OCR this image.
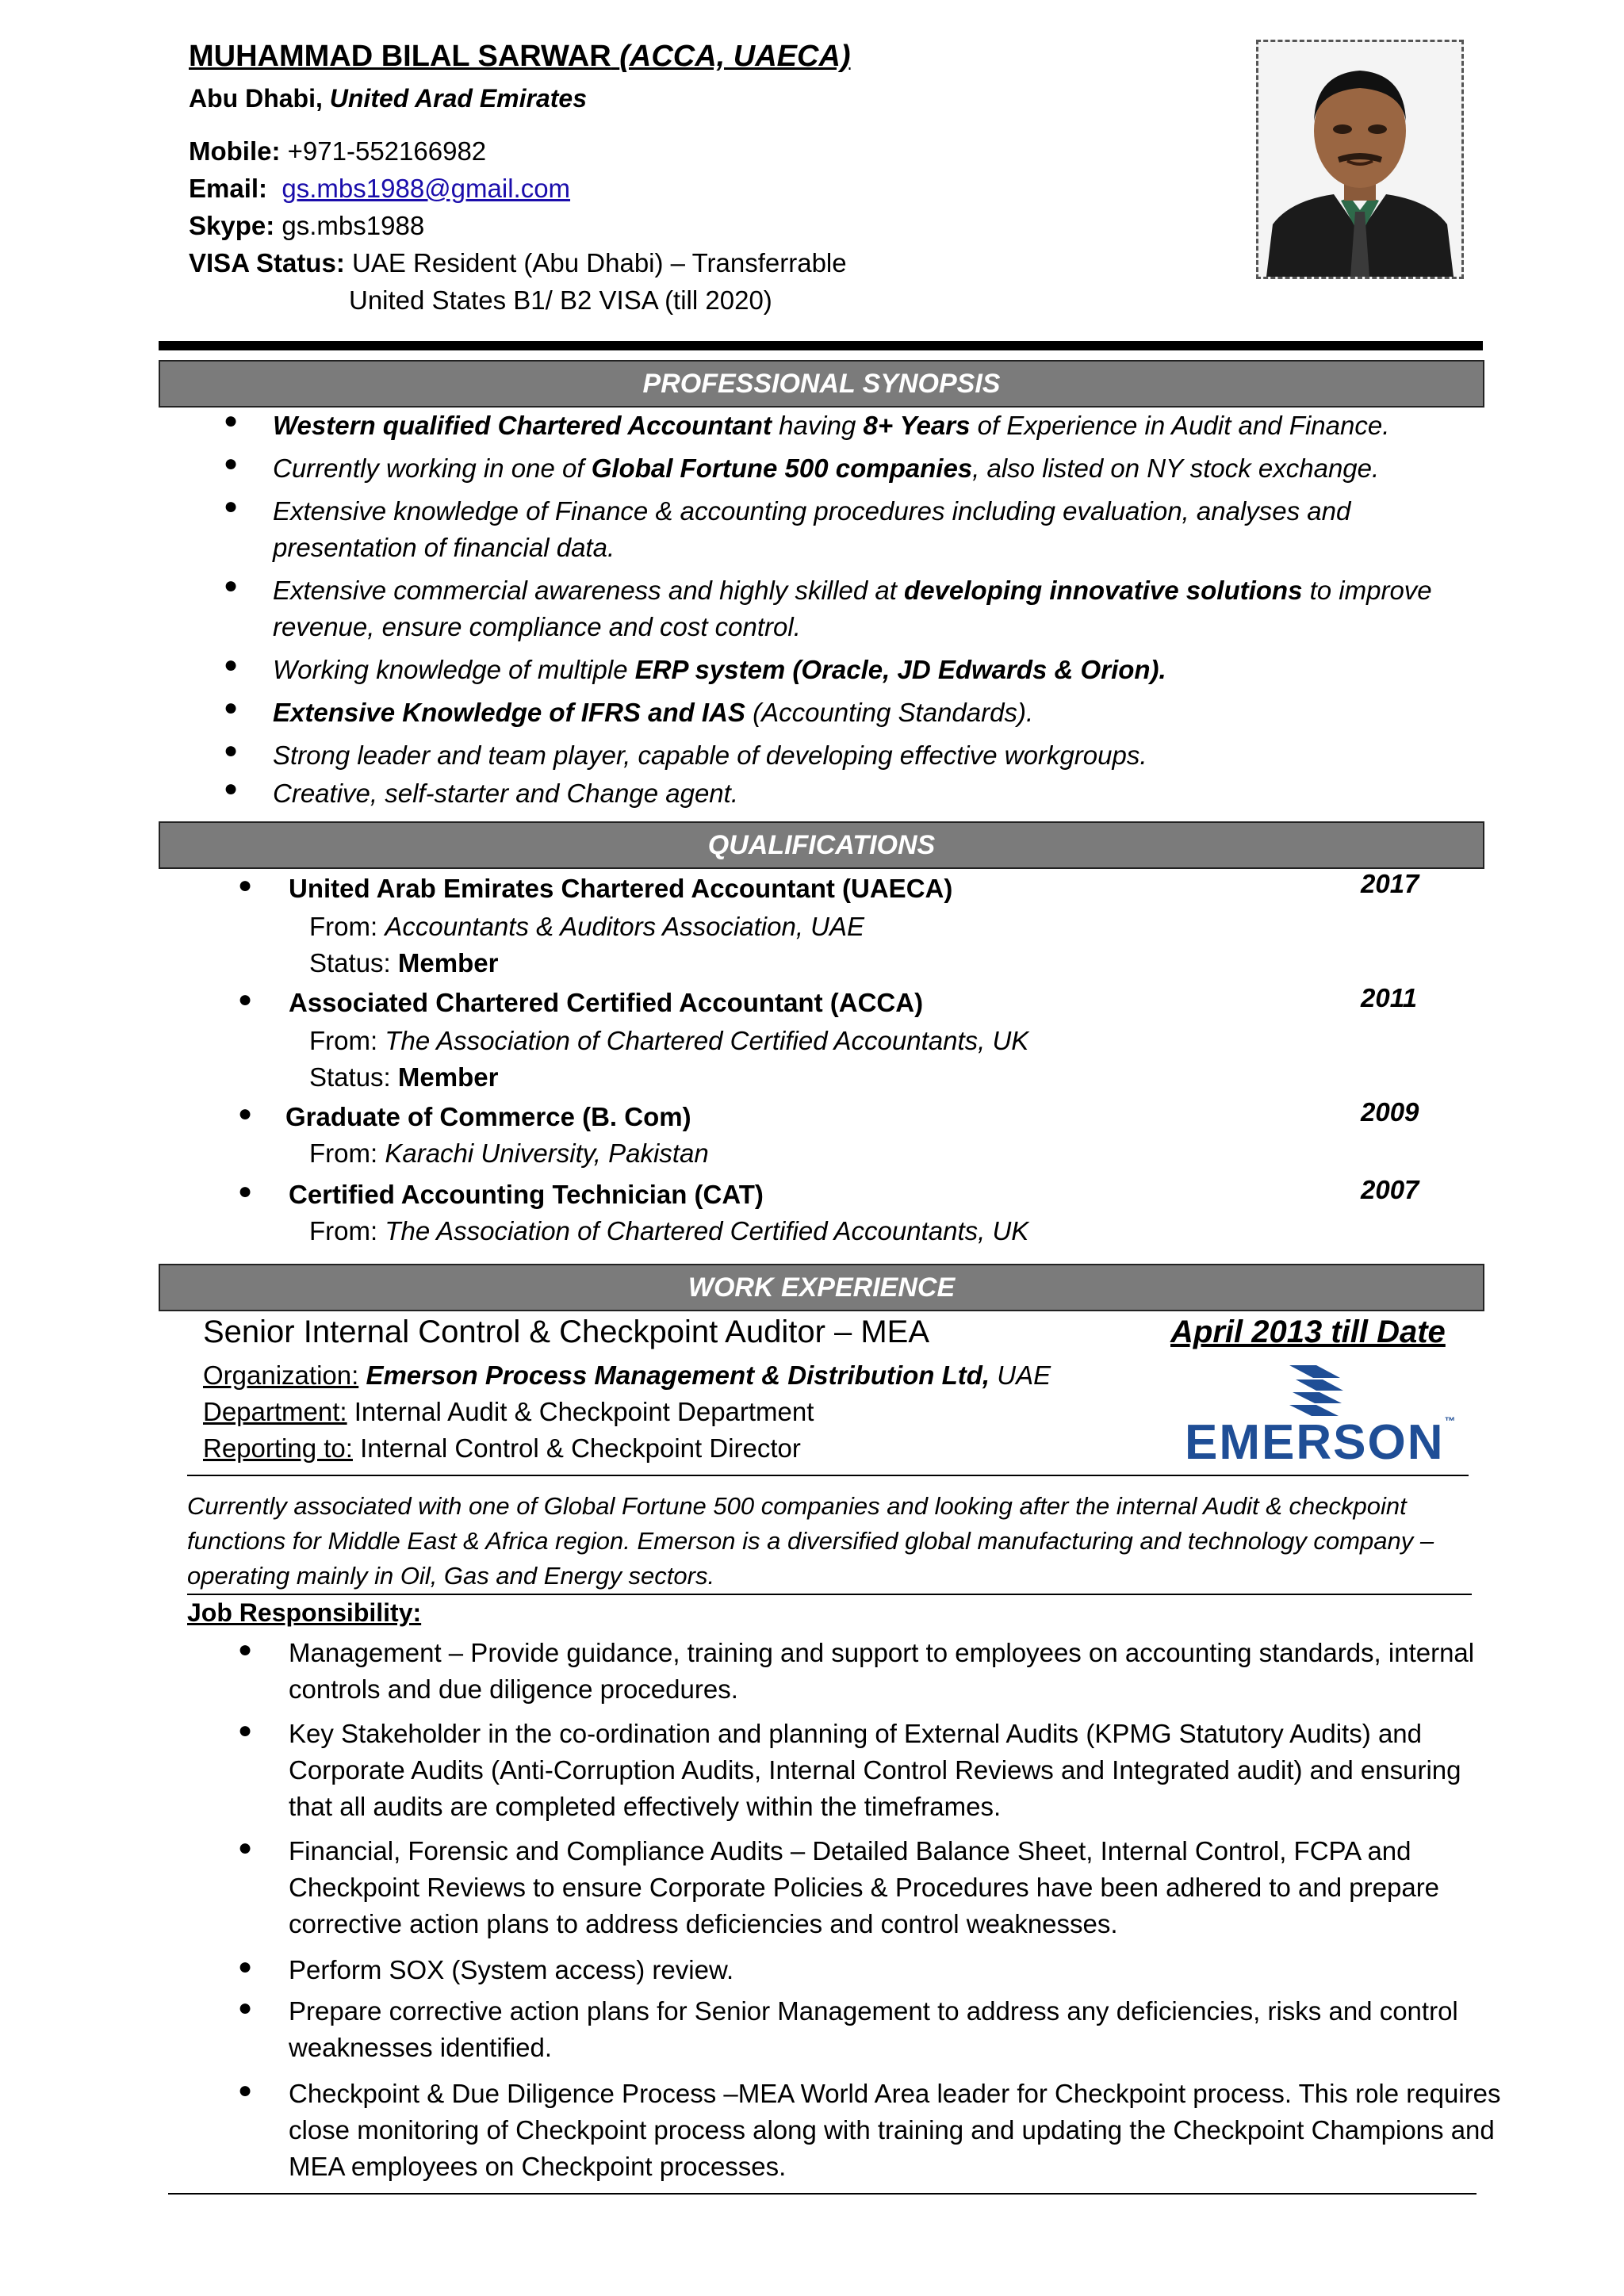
MUHAMMAD BILAL SARWAR (ACCA, UAECA)
Abu Dhabi, United Arad Emirates
Mobile: +971-552166982
Email: gs.mbs1988@gmail.com
Skype: gs.mbs1988
VISA Status: UAE Resident (Abu Dhabi) – Transferrable
United States B1/ B2 VISA (till 2020)
PROFESSIONAL SYNOPSIS
● Western qualified Chartered Accountant having 8+ Years of Experience in Audit and Finance.
● Currently working in one of Global Fortune 500 companies, also listed on NY stock exchange.
● Extensive knowledge of Finance & accounting procedures including evaluation, analyses and presentation of financial data.
● Extensive commercial awareness and highly skilled at developing innovative solutions to improve revenue, ensure compliance and cost control.
● Working knowledge of multiple ERP system (Oracle, JD Edwards & Orion).
● Extensive Knowledge of IFRS and IAS (Accounting Standards).
● Strong leader and team player, capable of developing effective workgroups.
● Creative, self-starter and Change agent.
QUALIFICATIONS
● United Arab Emirates Chartered Accountant (UAECA)	2017
From: Accountants & Auditors Association, UAE
Status: Member
● Associated Chartered Certified Accountant (ACCA)	2011
From: The Association of Chartered Certified Accountants, UK
Status: Member
● Graduate of Commerce (B. Com)	2009
From: Karachi University, Pakistan
● Certified Accounting Technician (CAT)	2007
From: The Association of Chartered Certified Accountants, UK
WORK EXPERIENCE
Senior Internal Control & Checkpoint Auditor – MEA	April 2013 till Date
Organization: Emerson Process Management & Distribution Ltd, UAE
Department: Internal Audit & Checkpoint Department
Reporting to: Internal Control & Checkpoint Director	EMERSON™
Currently associated with one of Global Fortune 500 companies and looking after the internal Audit & checkpoint functions for Middle East & Africa region. Emerson is a diversified global manufacturing and technology company – operating mainly in Oil, Gas and Energy sectors.
Job Responsibility:
● Management – Provide guidance, training and support to employees on accounting standards, internal controls and due diligence procedures.
● Key Stakeholder in the co-ordination and planning of External Audits (KPMG Statutory Audits) and Corporate Audits (Anti-Corruption Audits, Internal Control Reviews and Integrated audit) and ensuring that all audits are completed effectively within the timeframes.
● Financial, Forensic and Compliance Audits – Detailed Balance Sheet, Internal Control, FCPA and Checkpoint Reviews to ensure Corporate Policies & Procedures have been adhered to and prepare corrective action plans to address deficiencies and control weaknesses.
● Perform SOX (System access) review.
● Prepare corrective action plans for Senior Management to address any deficiencies, risks and control weaknesses identified.
● Checkpoint & Due Diligence Process –MEA World Area leader for Checkpoint process. This role requires close monitoring of Checkpoint process along with training and updating the Checkpoint Champions and MEA employees on Checkpoint processes.
